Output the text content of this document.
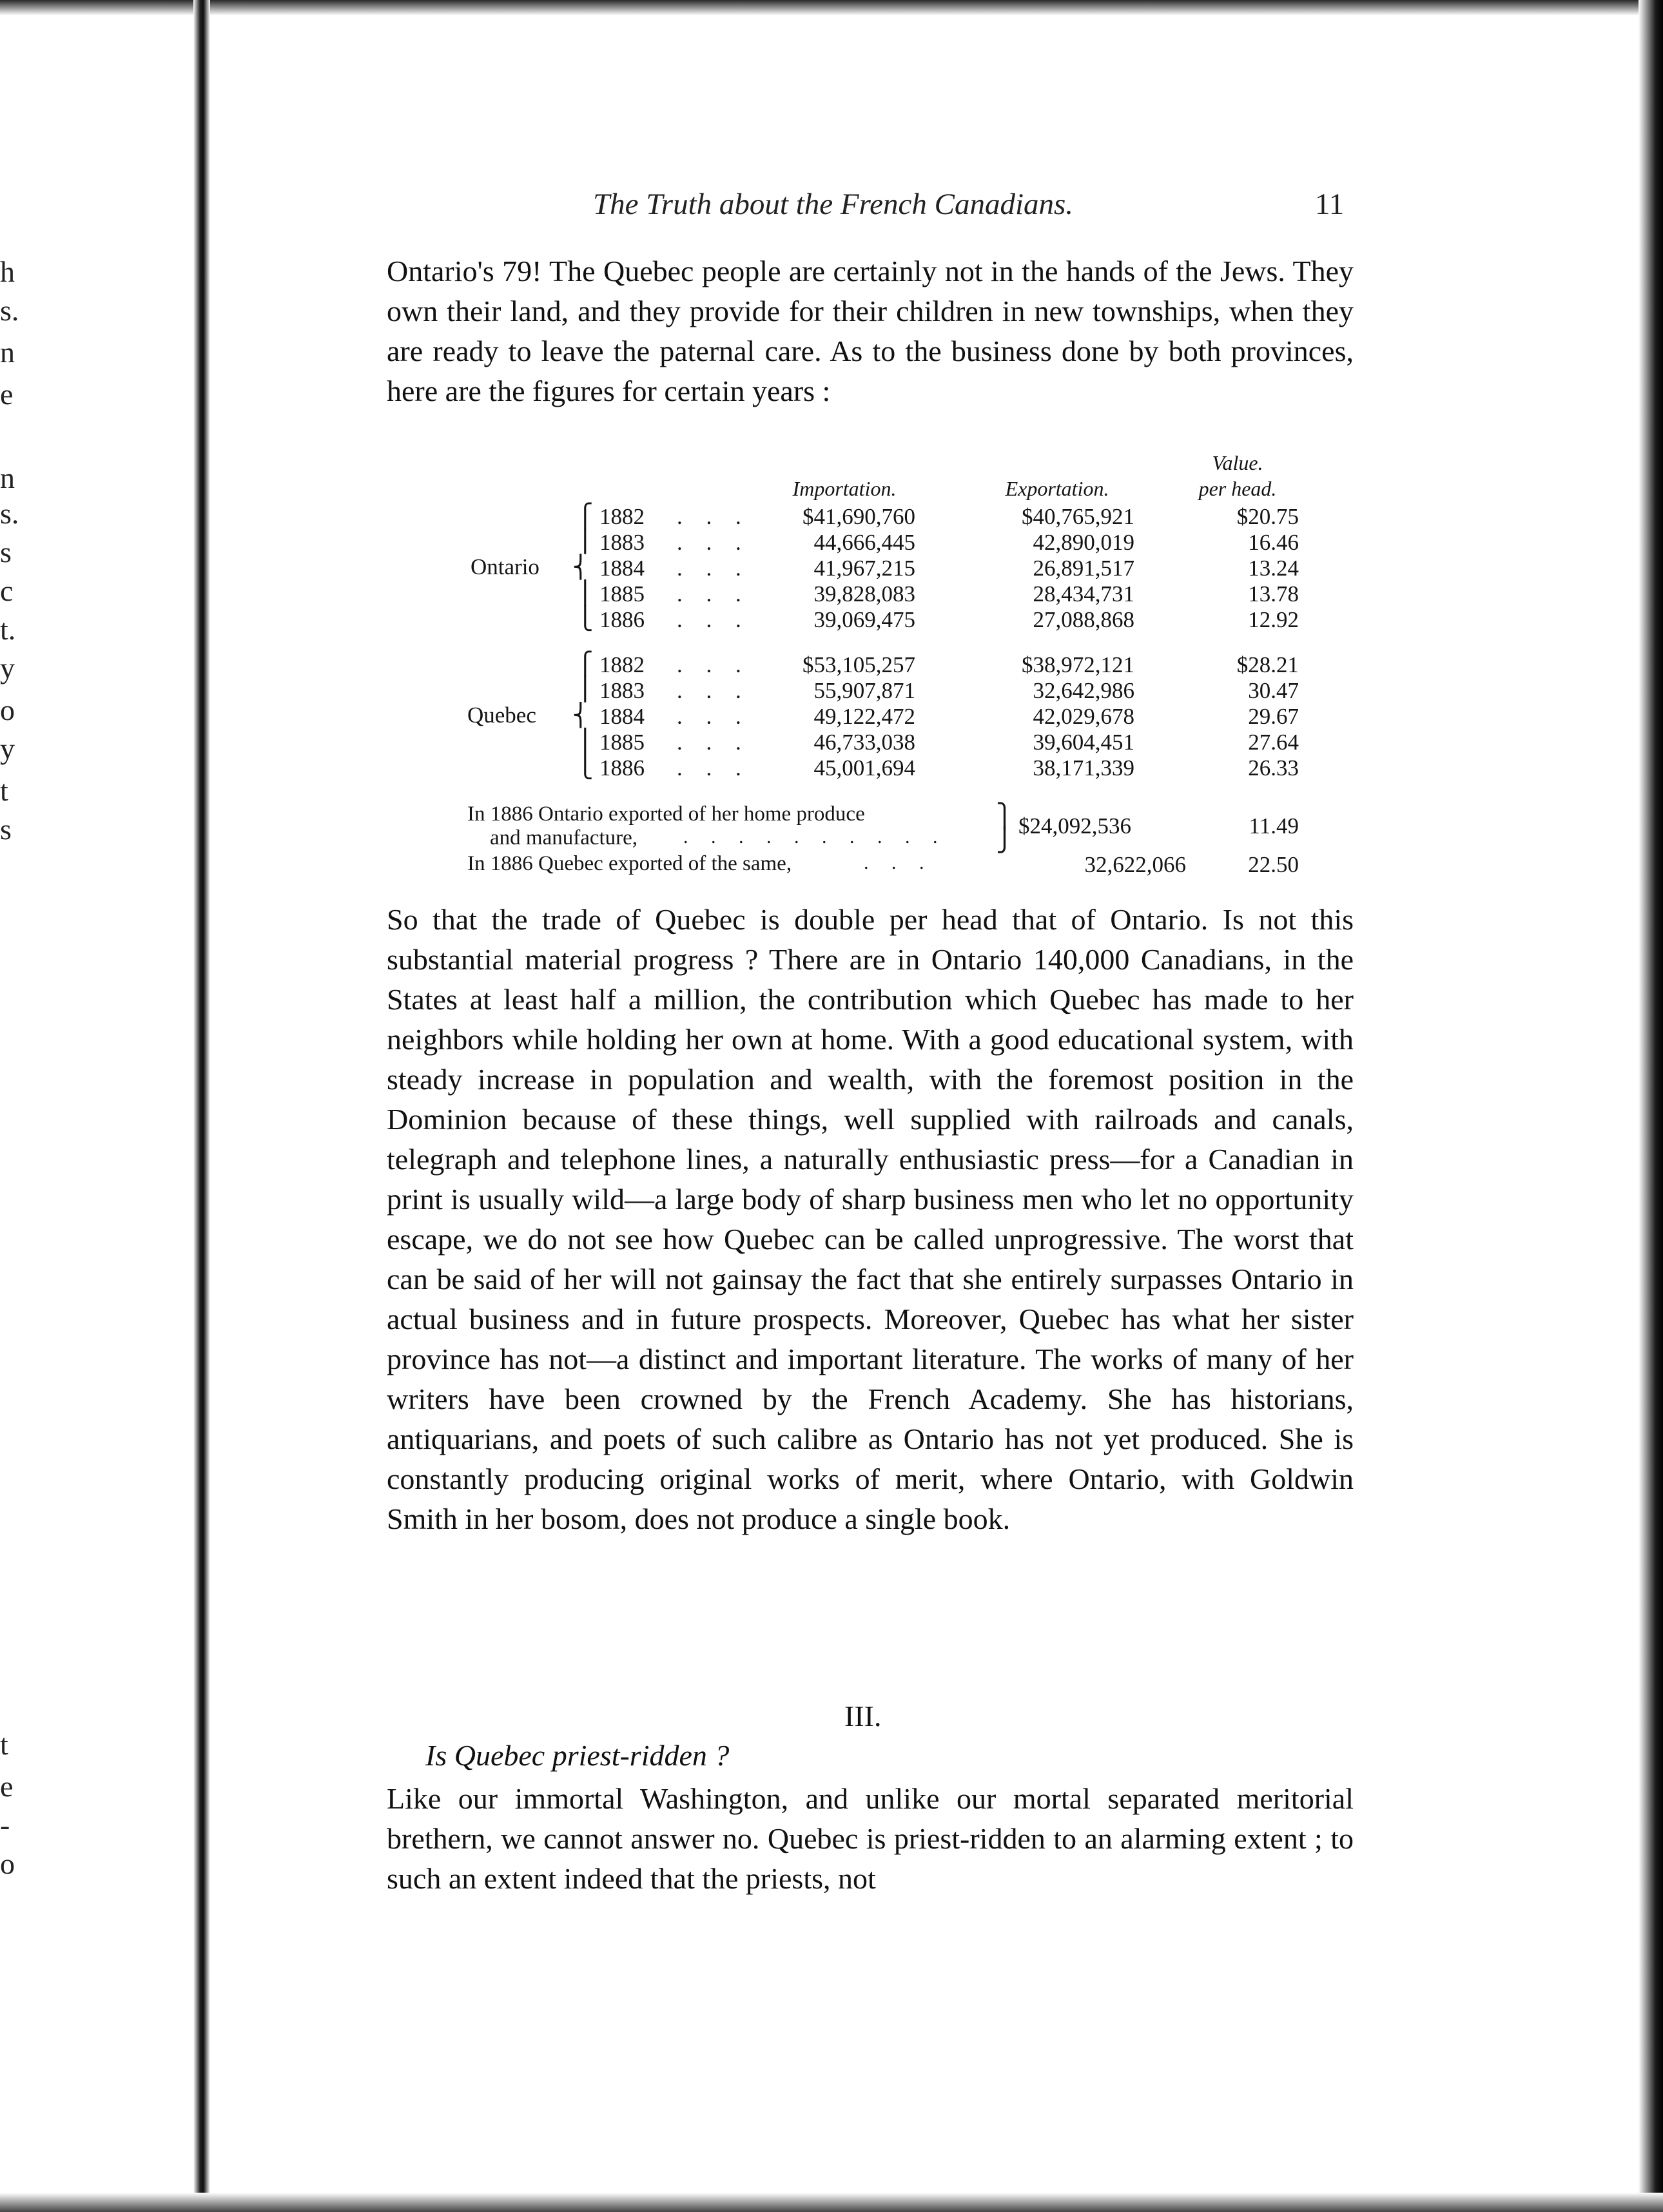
h
s.
n
e
n
s.
s
c
t.
y
o
y
t
s
t
e
-
o
The Truth about the French Canadians.	11

Ontario's 79! The Quebec people are certainly not in the hands of the Jews. They own their land, and they provide for their children in new townships, when they are ready to leave the paternal care. As to the business done by both provinces, here are the figures for certain years :

Value.
Importation.	Exportation.	per head.
Ontario
⎧
⎪
⎨
⎪
⎩
1882 . . .	$41,690,760	$40,765,921	$20.75
1883 . . .	44,666,445	42,890,019	16.46
1884 . . .	41,967,215	26,891,517	13.24
1885 . . .	39,828,083	28,434,731	13.78
1886 . . .	39,069,475	27,088,868	12.92
Quebec
⎧
⎪
⎨
⎪
⎩
1882 . . .	$53,105,257	$38,972,121	$28.21
1883 . . .	55,907,871	32,642,986	30.47
1884 . . .	49,122,472	42,029,678	29.67
1885 . . .	46,733,038	39,604,451	27.64
1886 . . .	45,001,694	38,171,339	26.33
In 1886 Ontario exported of her home produce
and manufacture, . . . . . . . . . .
⎫
⎭
$24,092,536	11.49
In 1886 Quebec exported of the same,	. . .	32,622,066	22.50

So that the trade of Quebec is double per head that of Ontario. Is not this substantial material progress ? There are in Ontario 140,000 Canadians, in the States at least half a million, the contribution which Quebec has made to her neighbors while holding her own at home. With a good educational system, with steady increase in population and wealth, with the foremost position in the Dominion because of these things, well supplied with railroads and canals, telegraph and telephone lines, a naturally enthusiastic press—for a Canadian in print is usually wild—a large body of sharp business men who let no opportunity escape, we do not see how Quebec can be called unprogressive. The worst that can be said of her will not gainsay the fact that she entirely surpasses Ontario in actual business and in future prospects. Moreover, Quebec has what her sister province has not—a distinct and important literature. The works of many of her writers have been crowned by the French Academy. She has historians, antiquarians, and poets of such calibre as Ontario has not yet produced. She is constantly producing original works of merit, where Ontario, with Goldwin Smith in her bosom, does not produce a single book.

III.
Is Quebec priest-ridden ?

Like our immortal Washington, and unlike our mortal separated meritorial brethern, we cannot answer no. Quebec is priest-ridden to an alarming extent ; to such an extent indeed that the priests, not
